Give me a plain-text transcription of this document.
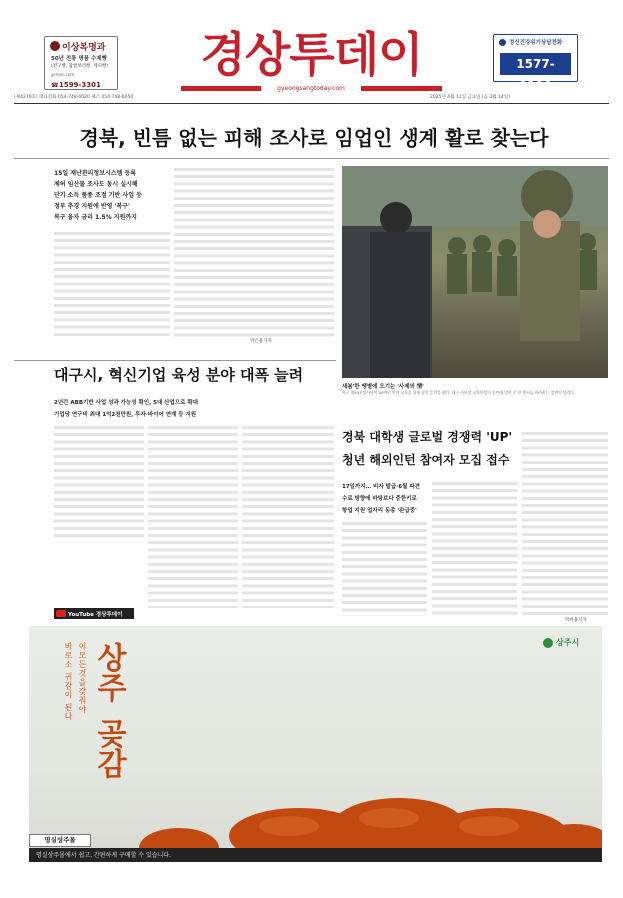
이상복명과
50년 전통 명품 수제빵
(전구빵, 찹쌀보리빵, 계피빵)
gsmen.com
☎ 1599-3301
경상투데이
gyeongsangtoday.com
정신건강위기상담전화
1577-0199
(제4270호) 대표전화 054-748-6020 팩스 054-748-6050	2025년 4월 11일 금요일 (음 3월 14일)
경북, 빈틈 없는 피해 조사로 임업인 생계 활로 찾는다
15일 재난관리정보시스템 등록
제허 임산물 조사도 동시 실시해
단기 소득 품종 조정 기반 사업 등
정부 추경 지원에 반영 '복구'
복구 융자 금리 1.5% 지원까지
박은용기자
새봄'한 땡볕에 오기는 '사제의 情'
육군 제50보병사단이 40여년 만의 교육을 위해 참전 훈련을 했다. 대구 사단장 교육단장이 훈련에 열연 중 한 병사를 바라보는 장면이 담겼다.
대구시, 혁신기업 육성 분야 대폭 늘려
2년간 ABB기반 사업 성과 가능성 확인, 5대 산업으로 확대
기업당 연구비 최대 1억2천만원, 투자·바이어 연계 등 지원
YouTube 경상투데이
경북 대학생 글로벌 경쟁력 'UP'
청년 해외인턴 참여자 모집 접수
17일까지… 비자 발급·6월 파견
수료 방향에 바탕보다 중한키로
항업 지원 업자리 동종 '완급중'
박희용기자
상주
곶감
이모든것을갖춰야
비로소 귀감이 된다	상주시
명실상주몰
명실상주몰에서 쉽고, 간편하게 구매할 수 있습니다.
